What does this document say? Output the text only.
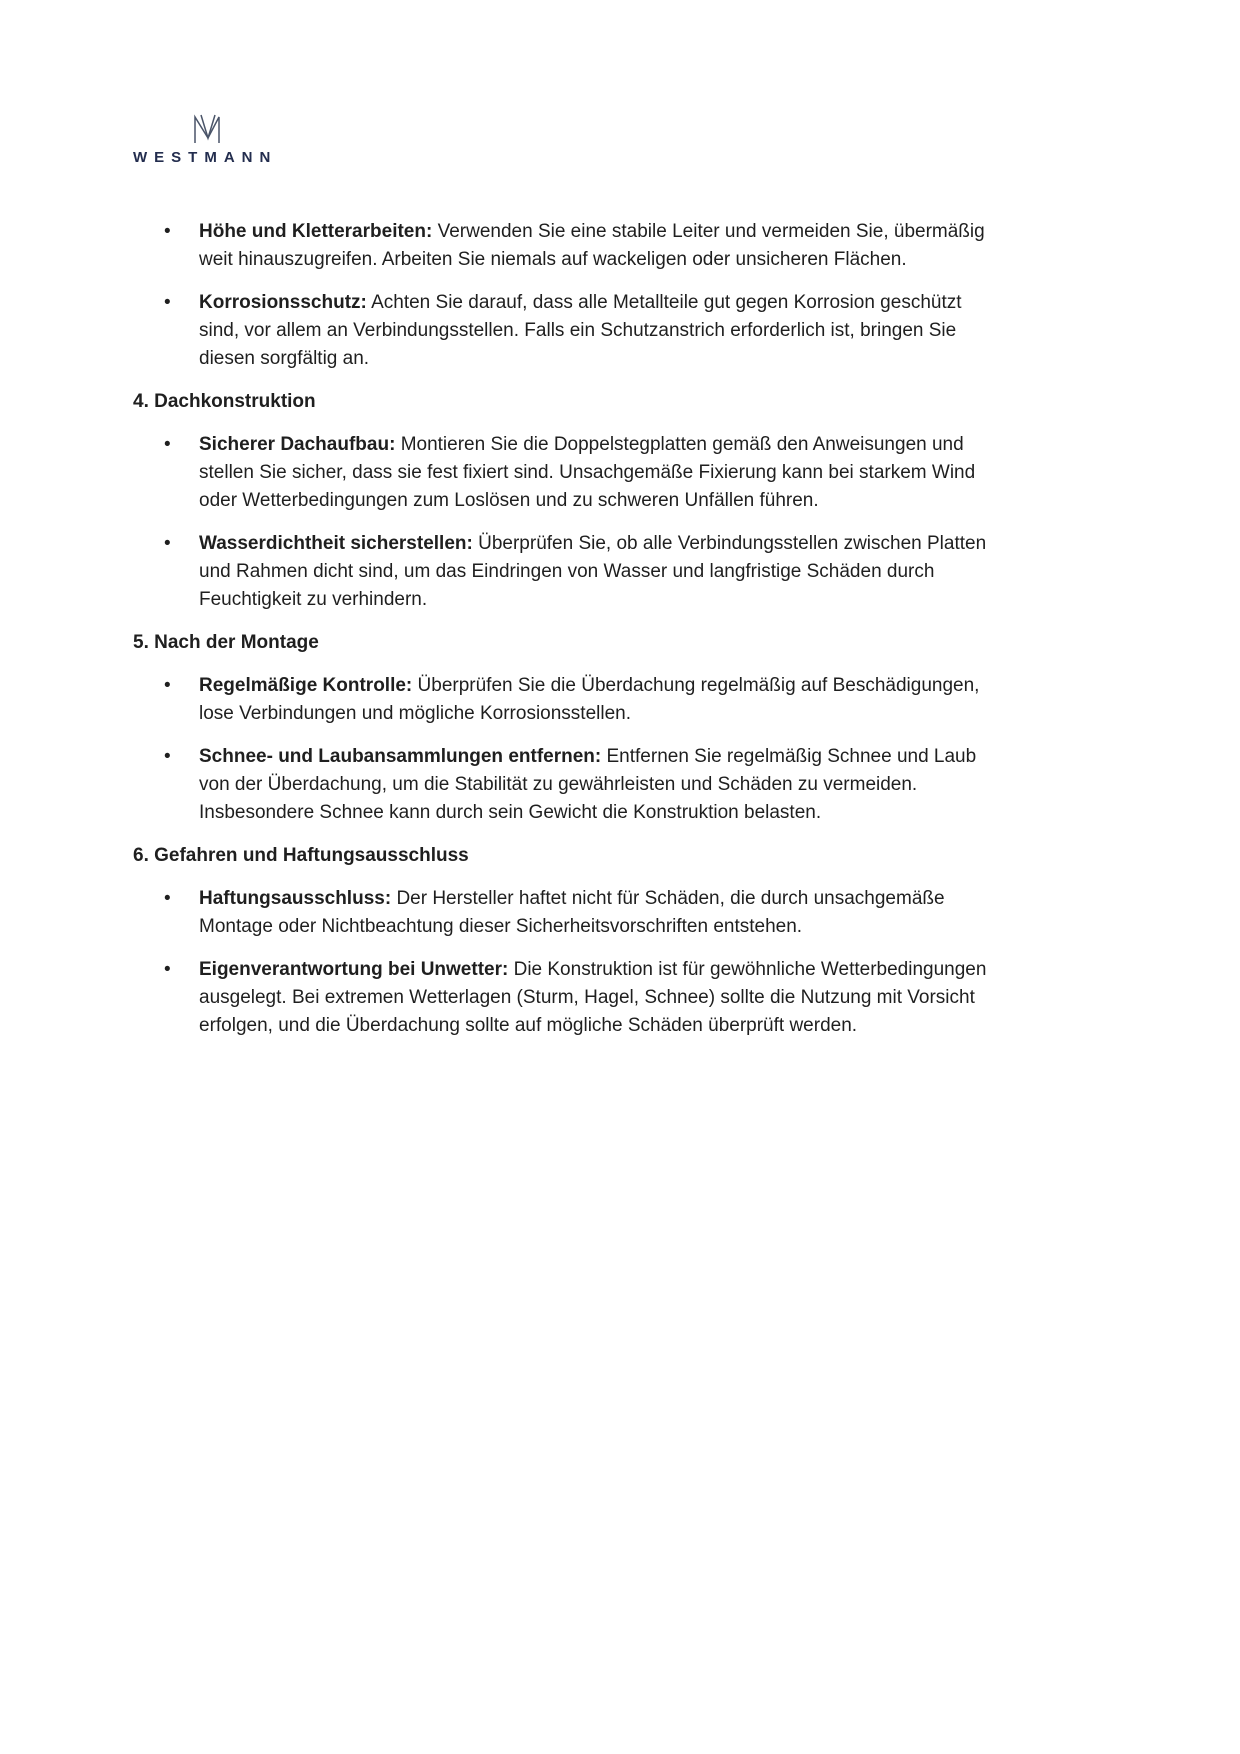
WESTMANN
• Höhe und Kletterarbeiten: Verwenden Sie eine stabile Leiter und vermeiden Sie, übermäßig weit hinauszugreifen. Arbeiten Sie niemals auf wackeligen oder unsicheren Flächen.
• Korrosionsschutz: Achten Sie darauf, dass alle Metallteile gut gegen Korrosion geschützt sind, vor allem an Verbindungsstellen. Falls ein Schutzanstrich erforderlich ist, bringen Sie diesen sorgfältig an.
4. Dachkonstruktion
• Sicherer Dachaufbau: Montieren Sie die Doppelstegplatten gemäß den Anweisungen und stellen Sie sicher, dass sie fest fixiert sind. Unsachgemäße Fixierung kann bei starkem Wind oder Wetterbedingungen zum Loslösen und zu schweren Unfällen führen.
• Wasserdichtheit sicherstellen: Überprüfen Sie, ob alle Verbindungsstellen zwischen Platten und Rahmen dicht sind, um das Eindringen von Wasser und langfristige Schäden durch Feuchtigkeit zu verhindern.
5. Nach der Montage
• Regelmäßige Kontrolle: Überprüfen Sie die Überdachung regelmäßig auf Beschädigungen, lose Verbindungen und mögliche Korrosionsstellen.
• Schnee- und Laubansammlungen entfernen: Entfernen Sie regelmäßig Schnee und Laub von der Überdachung, um die Stabilität zu gewährleisten und Schäden zu vermeiden. Insbesondere Schnee kann durch sein Gewicht die Konstruktion belasten.
6. Gefahren und Haftungsausschluss
• Haftungsausschluss: Der Hersteller haftet nicht für Schäden, die durch unsachgemäße Montage oder Nichtbeachtung dieser Sicherheitsvorschriften entstehen.
• Eigenverantwortung bei Unwetter: Die Konstruktion ist für gewöhnliche Wetterbedingungen ausgelegt. Bei extremen Wetterlagen (Sturm, Hagel, Schnee) sollte die Nutzung mit Vorsicht erfolgen, und die Überdachung sollte auf mögliche Schäden überprüft werden.
